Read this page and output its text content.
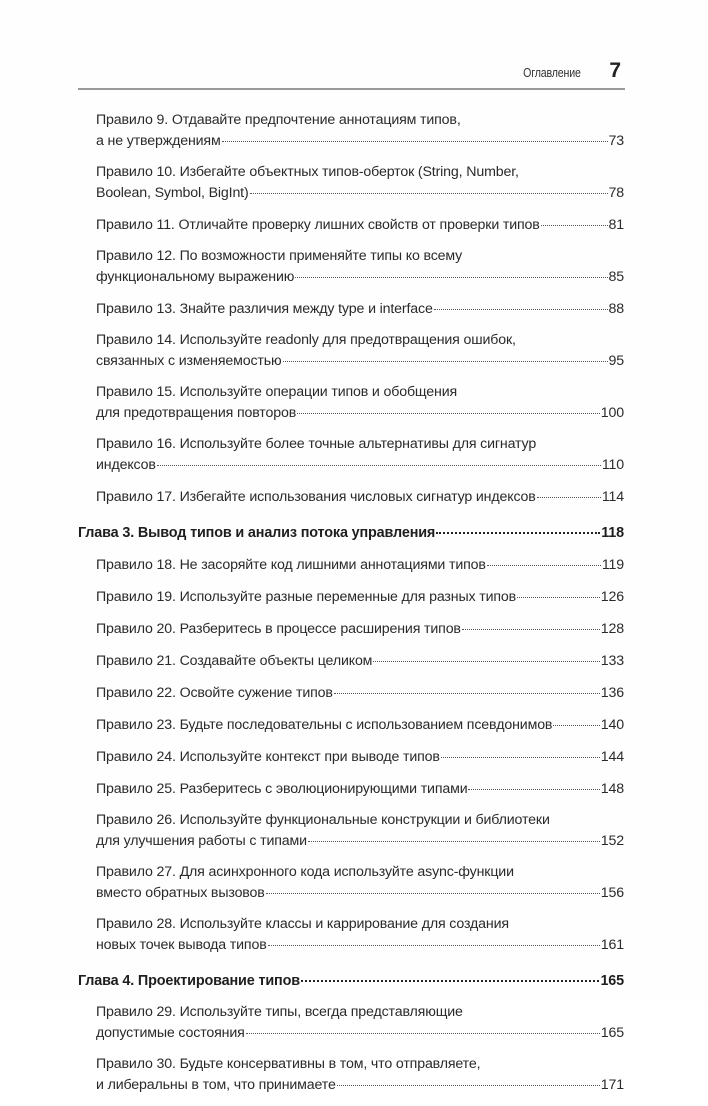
Оглавление 7
Правило 9. Отдавайте предпочтение аннотациям типов,
а не утверждениям	73
Правило 10. Избегайте объектных типов-оберток (String, Number,
Boolean, Symbol, BigInt)	78
Правило 11. Отличайте проверку лишних свойств от проверки типов	81
Правило 12. По возможности применяйте типы ко всему
функциональному выражению	85
Правило 13. Знайте различия между type и interface	88
Правило 14. Используйте readonly для предотвращения ошибок,
связанных с изменяемостью	95
Правило 15. Используйте операции типов и обобщения
для предотвращения повторов	100
Правило 16. Используйте более точные альтернативы для сигнатур
индексов	110
Правило 17. Избегайте использования числовых сигнатур индексов	114
Глава 3. Вывод типов и анализ потока управления	118
Правило 18. Не засоряйте код лишними аннотациями типов	119
Правило 19. Используйте разные переменные для разных типов	126
Правило 20. Разберитесь в процессе расширения типов	128
Правило 21. Создавайте объекты целиком	133
Правило 22. Освойте сужение типов	136
Правило 23. Будьте последовательны с использованием псевдонимов	140
Правило 24. Используйте контекст при выводе типов	144
Правило 25. Разберитесь с эволюционирующими типами	148
Правило 26. Используйте функциональные конструкции и библиотеки
для улучшения работы с типами	152
Правило 27. Для асинхронного кода используйте async-функции
вместо обратных вызовов	156
Правило 28. Используйте классы и каррирование для создания
новых точек вывода типов	161
Глава 4. Проектирование типов	165
Правило 29. Используйте типы, всегда представляющие
допустимые состояния	165
Правило 30. Будьте консервативны в том, что отправляете,
и либеральны в том, что принимаете	171
